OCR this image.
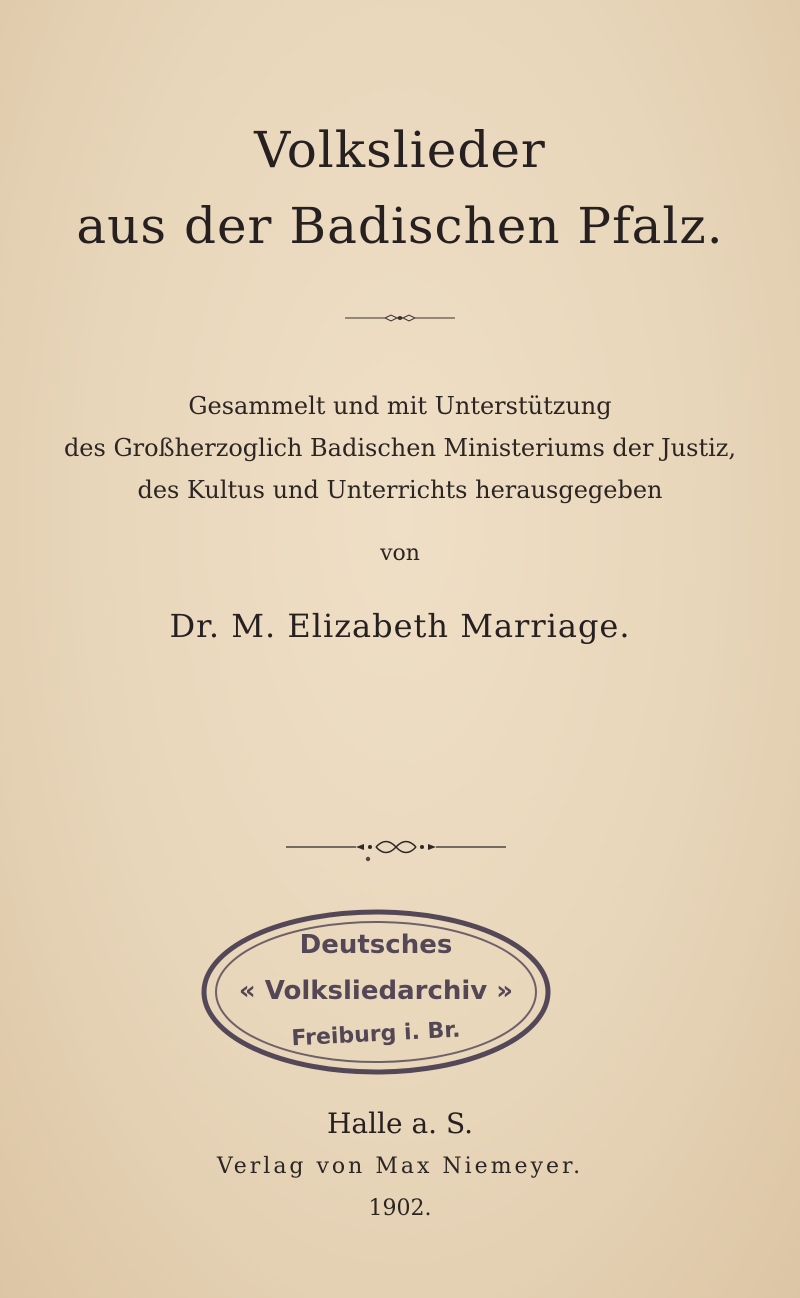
Volkslieder
aus der Badischen Pfalz.
Gesammelt und mit Unterstützung
des Großherzoglich Badischen Ministeriums der Justiz,
des Kultus und Unterrichts herausgegeben
von
Dr. M. Elizabeth Marriage.
Deutsches
« Volksliedarchiv »
Freiburg i. Br.
Halle a. S.
Verlag von Max Niemeyer.
1902.
